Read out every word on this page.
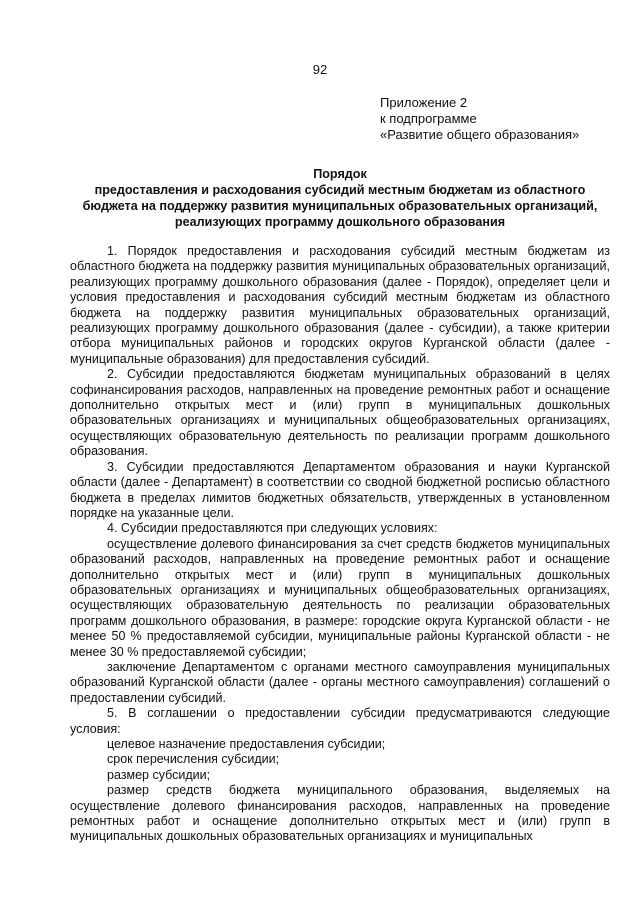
92
Приложение 2
к подпрограмме
«Развитие общего образования»
Порядок
предоставления и расходования субсидий местным бюджетам из областного
бюджета на поддержку развития муниципальных образовательных организаций,
реализующих программу дошкольного образования

1. Порядок предоставления и расходования субсидий местным бюджетам из областного бюджета на поддержку развития муниципальных образовательных организаций, реализующих программу дошкольного образования (далее - Порядок), определяет цели и условия предоставления и расходования субсидий местным бюджетам из областного бюджета на поддержку развития муниципальных образовательных организаций, реализующих программу дошкольного образования (далее - субсидии), а также критерии отбора муниципальных районов и городских округов Курганской области (далее - муниципальные образования) для предоставления субсидий.

2. Субсидии предоставляются бюджетам муниципальных образований в целях софинансирования расходов, направленных на проведение ремонтных работ и оснащение дополнительно открытых мест и (или) групп в муниципальных дошкольных образовательных организациях и муниципальных общеобразовательных организациях, осуществляющих образовательную деятельность по реализации программ дошкольного образования.

3. Субсидии предоставляются Департаментом образования и науки Курганской области (далее - Департамент) в соответствии со сводной бюджетной росписью областного бюджета в пределах лимитов бюджетных обязательств, утвержденных в установленном порядке на указанные цели.

4. Субсидии предоставляются при следующих условиях:

осуществление долевого финансирования за счет средств бюджетов муниципальных образований расходов, направленных на проведение ремонтных работ и оснащение дополнительно открытых мест и (или) групп в муниципальных дошкольных образовательных организациях и муниципальных общеобразовательных организациях, осуществляющих образовательную деятельность по реализации образовательных программ дошкольного образования, в размере: городские округа Курганской области - не менее 50 % предоставляемой субсидии, муниципальные районы Курганской области - не менее 30 % предоставляемой субсидии;

заключение Департаментом с органами местного самоуправления муниципальных образований Курганской области (далее - органы местного самоуправления) соглашений о предоставлении субсидий.

5. В соглашении о предоставлении субсидии предусматриваются следующие условия:

целевое назначение предоставления субсидии;

срок перечисления субсидии;

размер субсидии;

размер средств бюджета муниципального образования, выделяемых на осуществление долевого финансирования расходов, направленных на проведение ремонтных работ и оснащение дополнительно открытых мест и (или) групп в муниципальных дошкольных образовательных организациях и муниципальных
